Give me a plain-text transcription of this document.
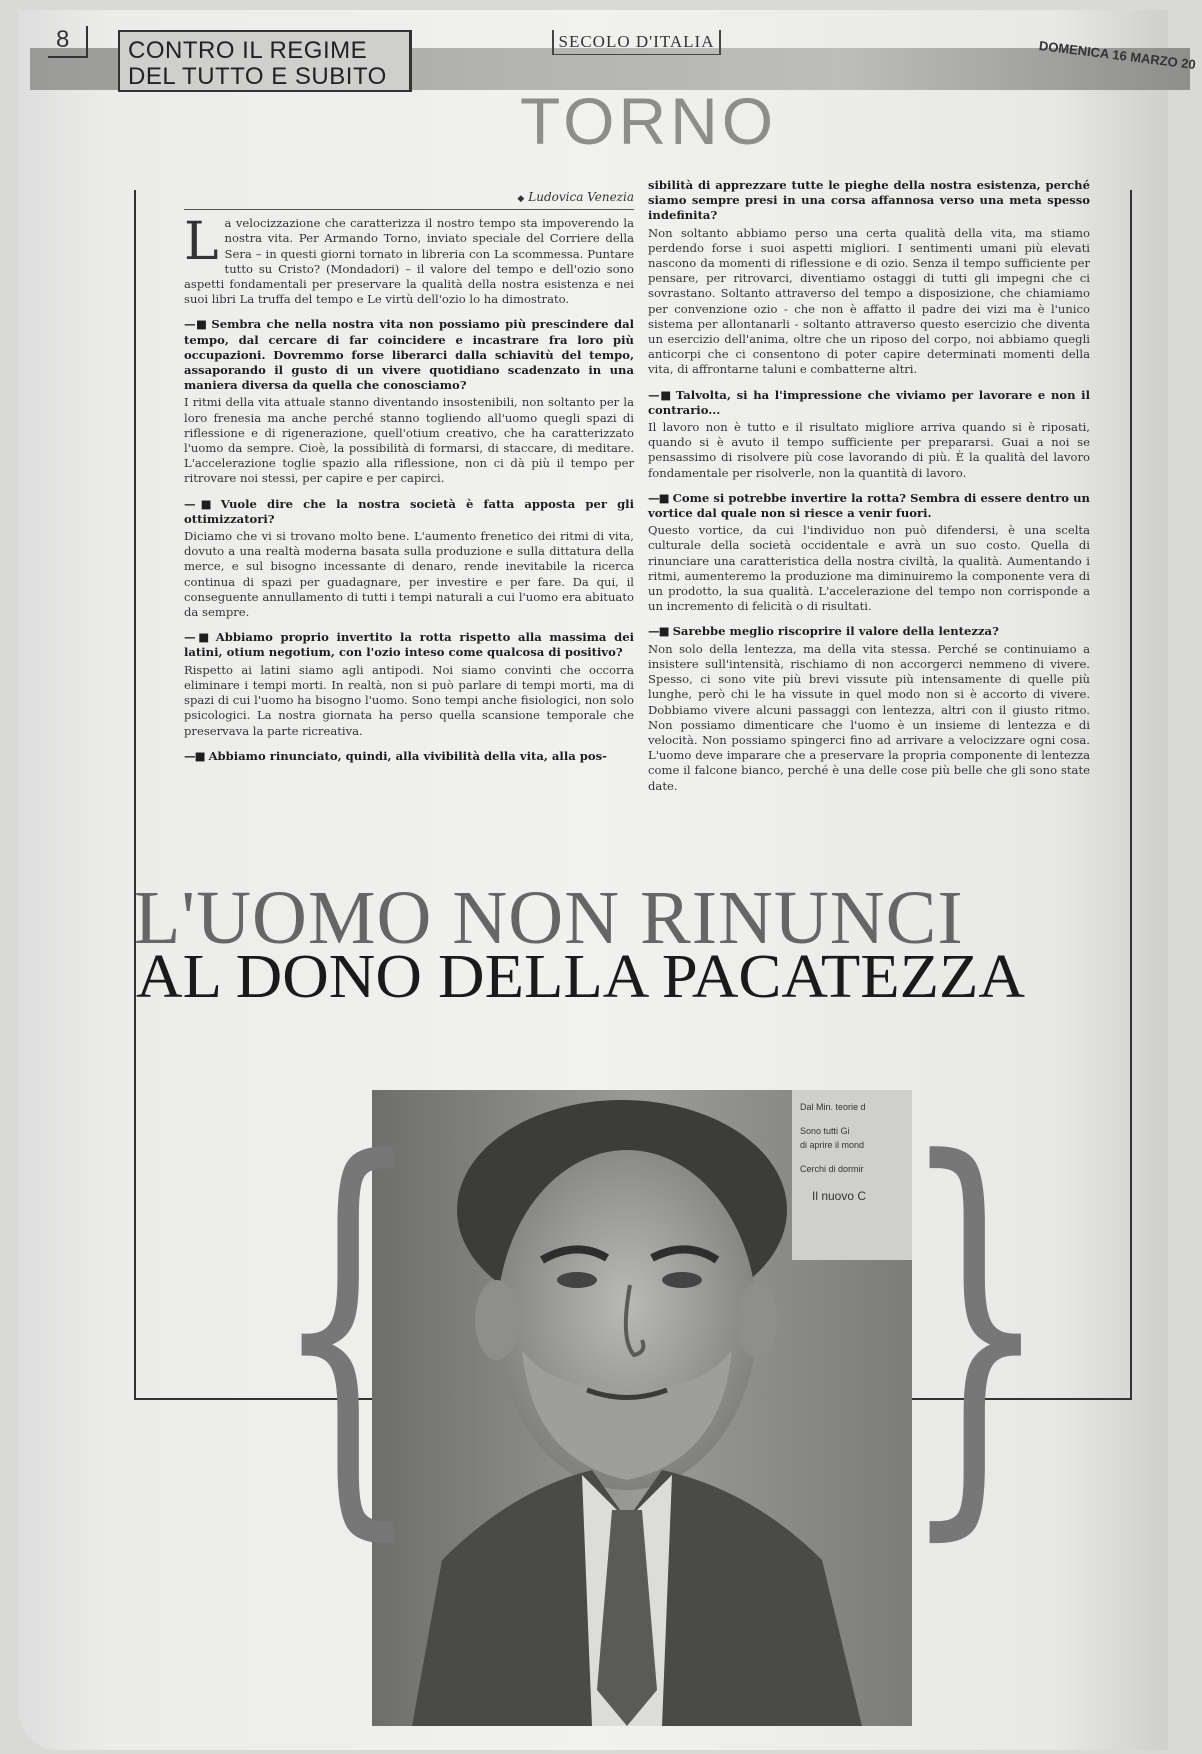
8	CONTRO IL REGIME
DEL TUTTO E SUBITO
SECOLO D'ITALIA	DOMENICA 16 MARZO 20
TORNO
◆ Ludovica Venezia

La velocizzazione che caratterizza il nostro tempo sta impoverendo la nostra vita. Per Armando Torno, inviato speciale del Corriere della Sera – in questi giorni tornato in libreria con La scommessa. Puntare tutto su Cristo? (Mondadori) – il valore del tempo e dell'ozio sono aspetti fondamentali per preservare la qualità della nostra esistenza e nei suoi libri La truffa del tempo e Le virtù dell'ozio lo ha dimostrato.

—■ Sembra che nella nostra vita non possiamo più prescindere dal tempo, dal cercare di far coincidere e incastrare fra loro più occupazioni. Dovremmo forse liberarci dalla schiavitù del tempo, assaporando il gusto di un vivere quotidiano scadenzato in una maniera diversa da quella che conosciamo?

I ritmi della vita attuale stanno diventando insostenibili, non soltanto per la loro frenesia ma anche perché stanno togliendo all'uomo quegli spazi di riflessione e di rigenerazione, quell'otium creativo, che ha caratterizzato l'uomo da sempre. Cioè, la possibilità di formarsi, di staccare, di meditare. L'accelerazione toglie spazio alla riflessione, non ci dà più il tempo per ritrovare noi stessi, per capire e per capirci.

—■ Vuole dire che la nostra società è fatta apposta per gli ottimizzatori?

Diciamo che vi si trovano molto bene. L'aumento frenetico dei ritmi di vita, dovuto a una realtà moderna basata sulla produzione e sulla dittatura della merce, e sul bisogno incessante di denaro, rende inevitabile la ricerca continua di spazi per guadagnare, per investire e per fare. Da qui, il conseguente annullamento di tutti i tempi naturali a cui l'uomo era abituato da sempre.

—■ Abbiamo proprio invertito la rotta rispetto alla massima dei latini, otium negotium, con l'ozio inteso come qualcosa di positivo?

Rispetto ai latini siamo agli antipodi. Noi siamo convinti che occorra eliminare i tempi morti. In realtà, non si può parlare di tempi morti, ma di spazi di cui l'uomo ha bisogno l'uomo. Sono tempi anche fisiologici, non solo psicologici. La nostra giornata ha perso quella scansione temporale che preservava la parte ricreativa.

—■ Abbiamo rinunciato, quindi, alla vivibilità della vita, alla pos-
sibilità di apprezzare tutte le pieghe della nostra esistenza, perché siamo sempre presi in una corsa affannosa verso una meta spesso indefinita?

Non soltanto abbiamo perso una certa qualità della vita, ma stiamo perdendo forse i suoi aspetti migliori. I sentimenti umani più elevati nascono da momenti di riflessione e di ozio. Senza il tempo sufficiente per pensare, per ritrovarci, diventiamo ostaggi di tutti gli impegni che ci sovrastano. Soltanto attraverso del tempo a disposizione, che chiamiamo per convenzione ozio - che non è affatto il padre dei vizi ma è l'unico sistema per allontanarli - soltanto attraverso questo esercizio che diventa un esercizio dell'anima, oltre che un riposo del corpo, noi abbiamo quegli anticorpi che ci consentono di poter capire determinati momenti della vita, di affrontarne taluni e combatterne altri.

—■ Talvolta, si ha l'impressione che viviamo per lavorare e non il contrario...

Il lavoro non è tutto e il risultato migliore arriva quando si è riposati, quando si è avuto il tempo sufficiente per prepararsi. Guai a noi se pensassimo di risolvere più cose lavorando di più. È la qualità del lavoro fondamentale per risolverle, non la quantità di lavoro.

—■ Come si potrebbe invertire la rotta? Sembra di essere dentro un vortice dal quale non si riesce a venir fuori.

Questo vortice, da cui l'individuo non può difendersi, è una scelta culturale della società occidentale e avrà un suo costo. Quella di rinunciare una caratteristica della nostra civiltà, la qualità. Aumentando i ritmi, aumenteremo la produzione ma diminuiremo la componente vera di un prodotto, la sua qualità. L'accelerazione del tempo non corrisponde a un incremento di felicità o di risultati.

—■ Sarebbe meglio riscoprire il valore della lentezza?

Non solo della lentezza, ma della vita stessa. Perché se continuiamo a insistere sull'intensità, rischiamo di non accorgerci nemmeno di vivere. Spesso, ci sono vite più brevi vissute più intensamente di quelle più lunghe, però chi le ha vissute in quel modo non si è accorto di vivere. Dobbiamo vivere alcuni passaggi con lentezza, altri con il giusto ritmo. Non possiamo dimenticare che l'uomo è un insieme di lentezza e di velocità. Non possiamo spingerci fino ad arrivare a velocizzare ogni cosa. L'uomo deve imparare che a preservare la propria componente di lentezza come il falcone bianco, perché è una delle cose più belle che gli sono state date.

L'UOMO NON RINUNCI
AL DONO DELLA PACATEZZA
Dal Min. teorie d
Sono tutti Gi
di aprire il mond
Cerchi di dormir
Il nuovo C
{ }
